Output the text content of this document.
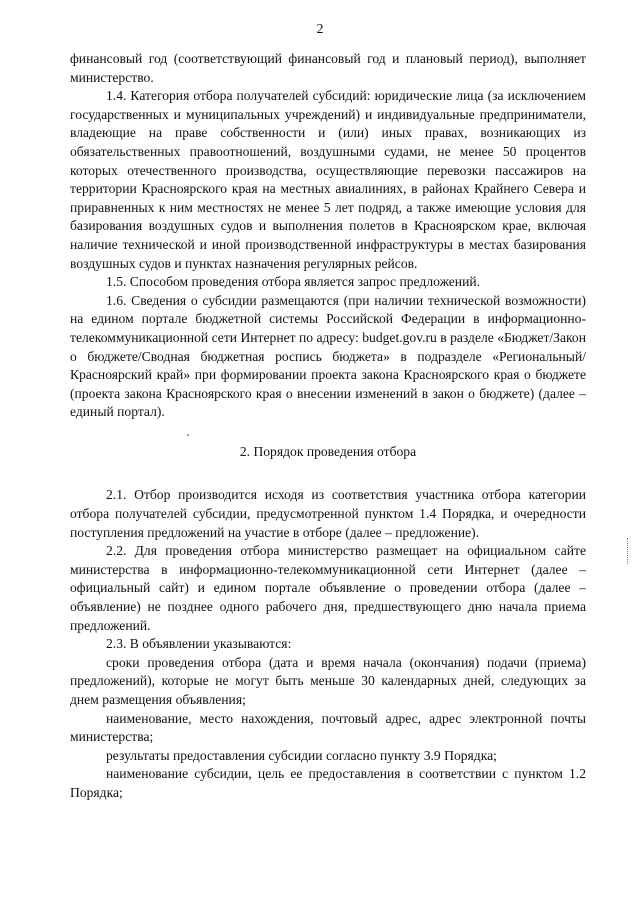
2

финансовый год (соответствующий финансовый год и плановый период), выполняет министерство.

1.4. Категория отбора получателей субсидий: юридические лица (за исключением государственных и муниципальных учреждений) и индивидуальные предприниматели, владеющие на праве собственности и (или) иных правах, возникающих из обязательственных правоотношений, воздушными судами, не менее 50 процентов которых отечественного производства, осуществляющие перевозки пассажиров на территории Красноярского края на местных авиалиниях, в районах Крайнего Севера и приравненных к ним местностях не менее 5 лет подряд, а также имеющие условия для базирования воздушных судов и выполнения полетов в Красноярском крае, включая наличие технической и иной производственной инфраструктуры в местах базирования воздушных судов и пунктах назначения регулярных рейсов.

1.5. Способом проведения отбора является запрос предложений.

1.6. Сведения о субсидии размещаются (при наличии технической возможности) на едином портале бюджетной системы Российской Федерации в информационно-телекоммуникационной сети Интернет по адресу: budget.gov.ru в разделе «Бюджет/Закон о бюджете/Сводная бюджетная роспись бюджета» в подразделе «Региональный/Красноярский край» при формировании проекта закона Красноярского края о бюджете (проекта закона Красноярского края о внесении изменений в закон о бюджете) (далее – единый портал).

2. Порядок проведения отбора

2.1. Отбор производится исходя из соответствия участника отбора категории отбора получателей субсидии, предусмотренной пунктом 1.4 Порядка, и очередности поступления предложений на участие в отборе (далее – предложение).

2.2. Для проведения отбора министерство размещает на официальном сайте министерства в информационно-телекоммуникационной сети Интернет (далее – официальный сайт) и едином портале объявление о проведении отбора (далее – объявление) не позднее одного рабочего дня, предшествующего дню начала приема предложений.

2.3. В объявлении указываются:

сроки проведения отбора (дата и время начала (окончания) подачи (приема) предложений), которые не могут быть меньше 30 календарных дней, следующих за днем размещения объявления;

наименование, место нахождения, почтовый адрес, адрес электронной почты министерства;

результаты предоставления субсидии согласно пункту 3.9 Порядка;

наименование субсидии, цель ее предоставления в соответствии с пунктом 1.2 Порядка;
